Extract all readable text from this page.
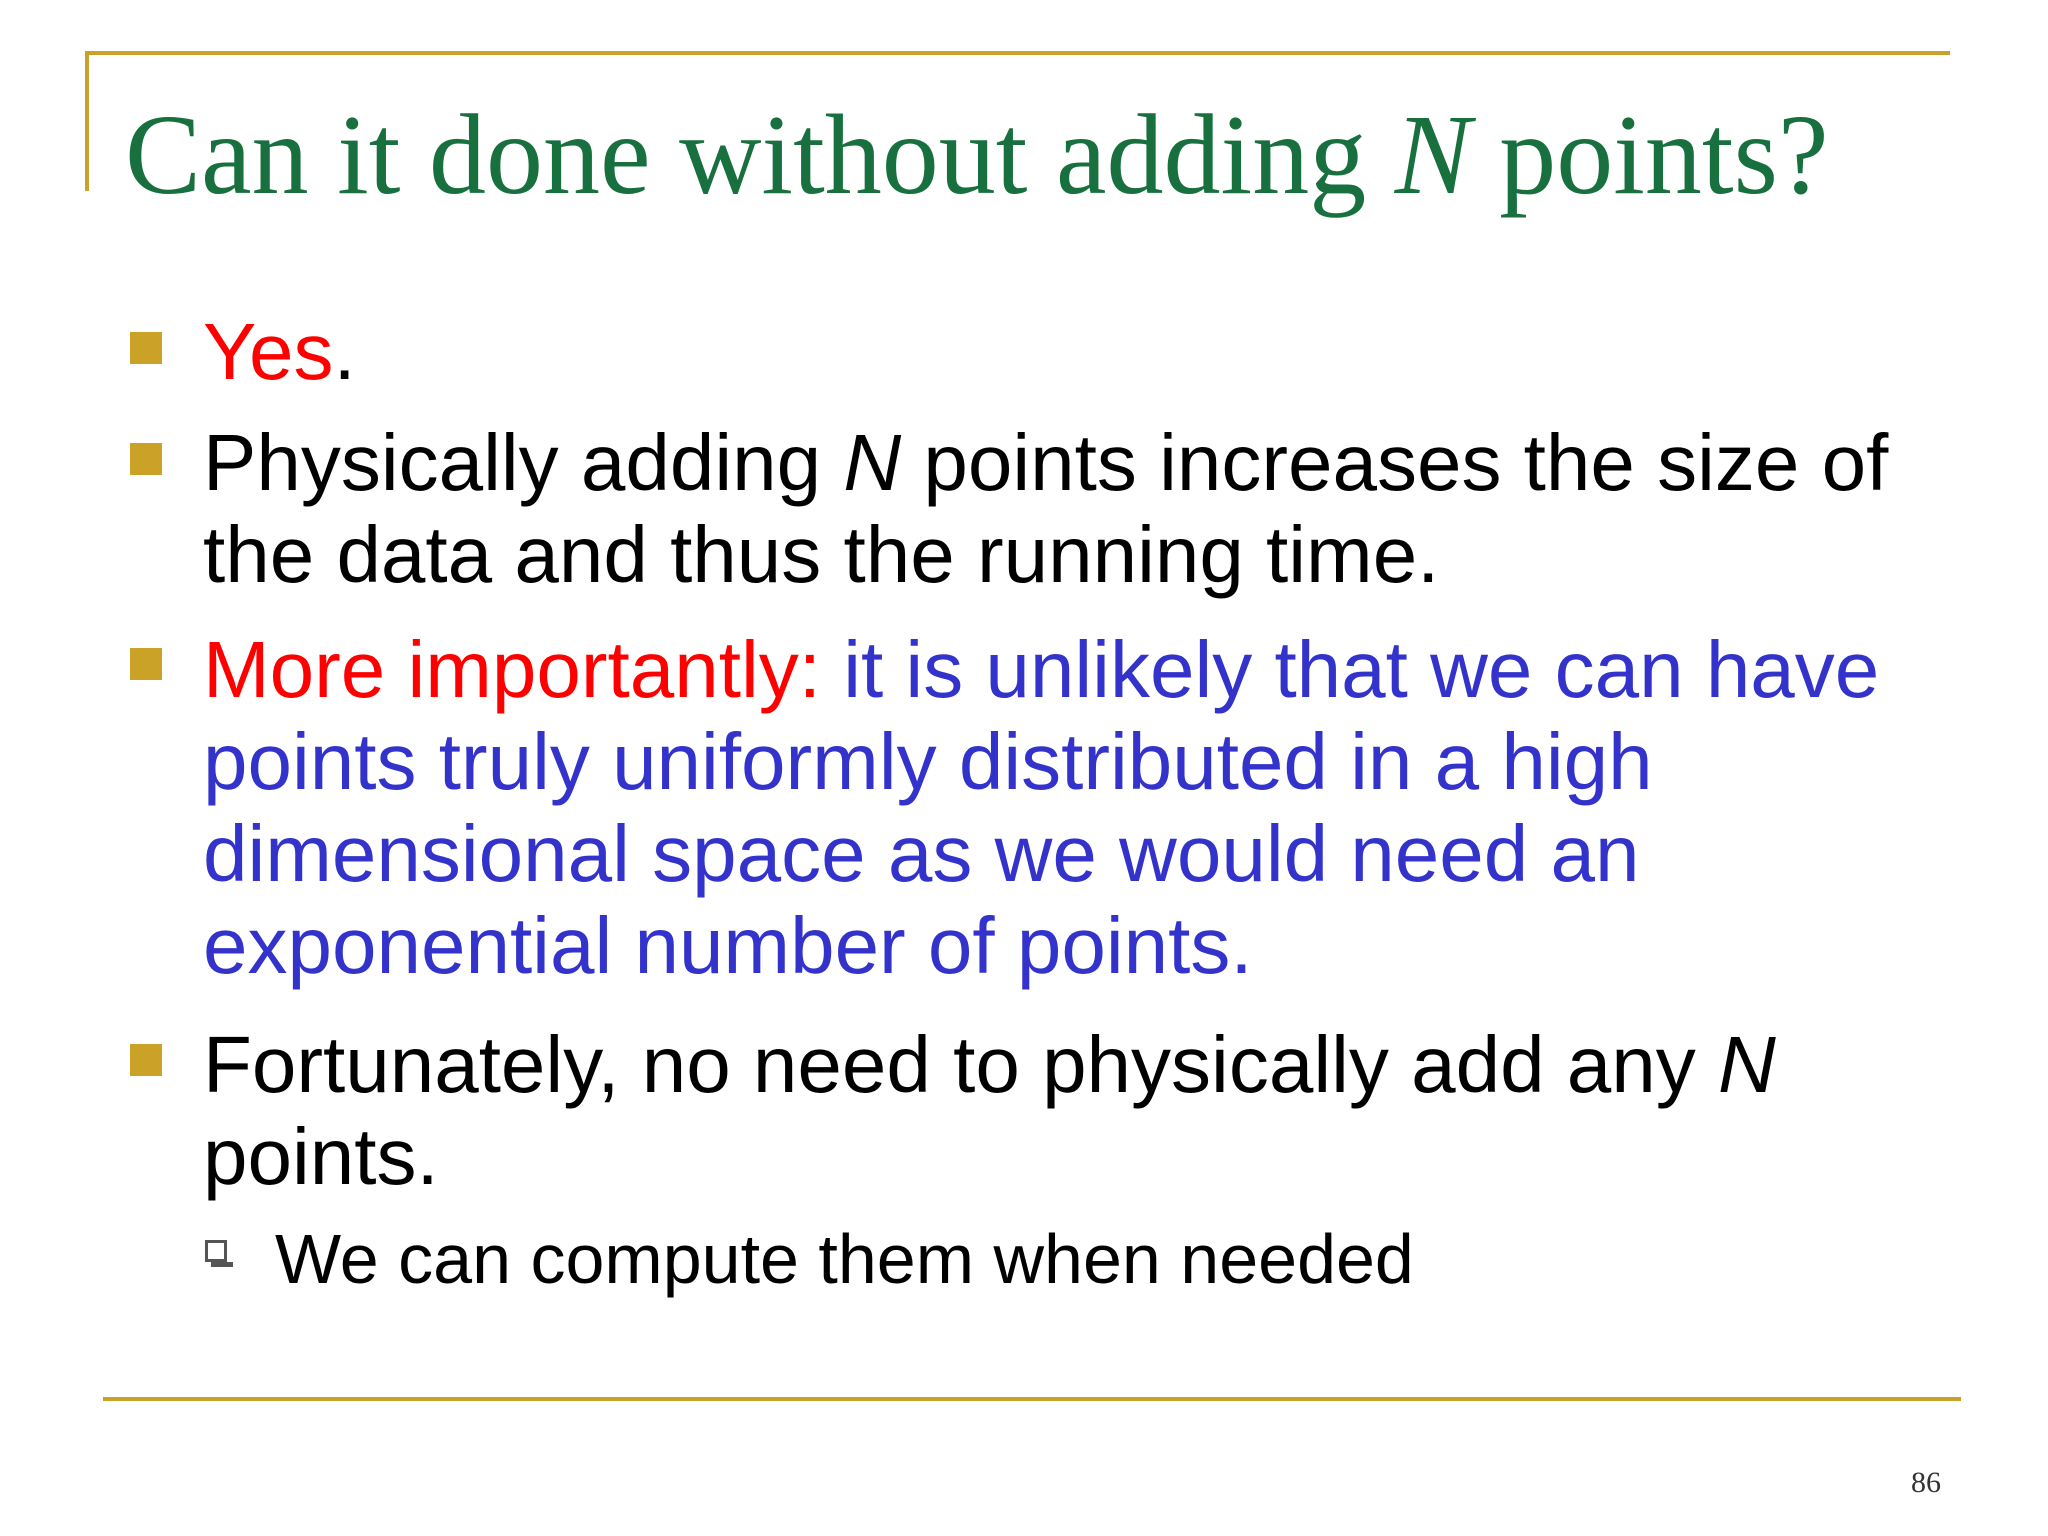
Can it done without adding N points?
Yes.
Physically adding N points increases the size of the data and thus the running time.
More importantly: it is unlikely that we can have points truly uniformly distributed in a high dimensional space as we would need an exponential number of points.
Fortunately, no need to physically add any N points.
We can compute them when needed
86
